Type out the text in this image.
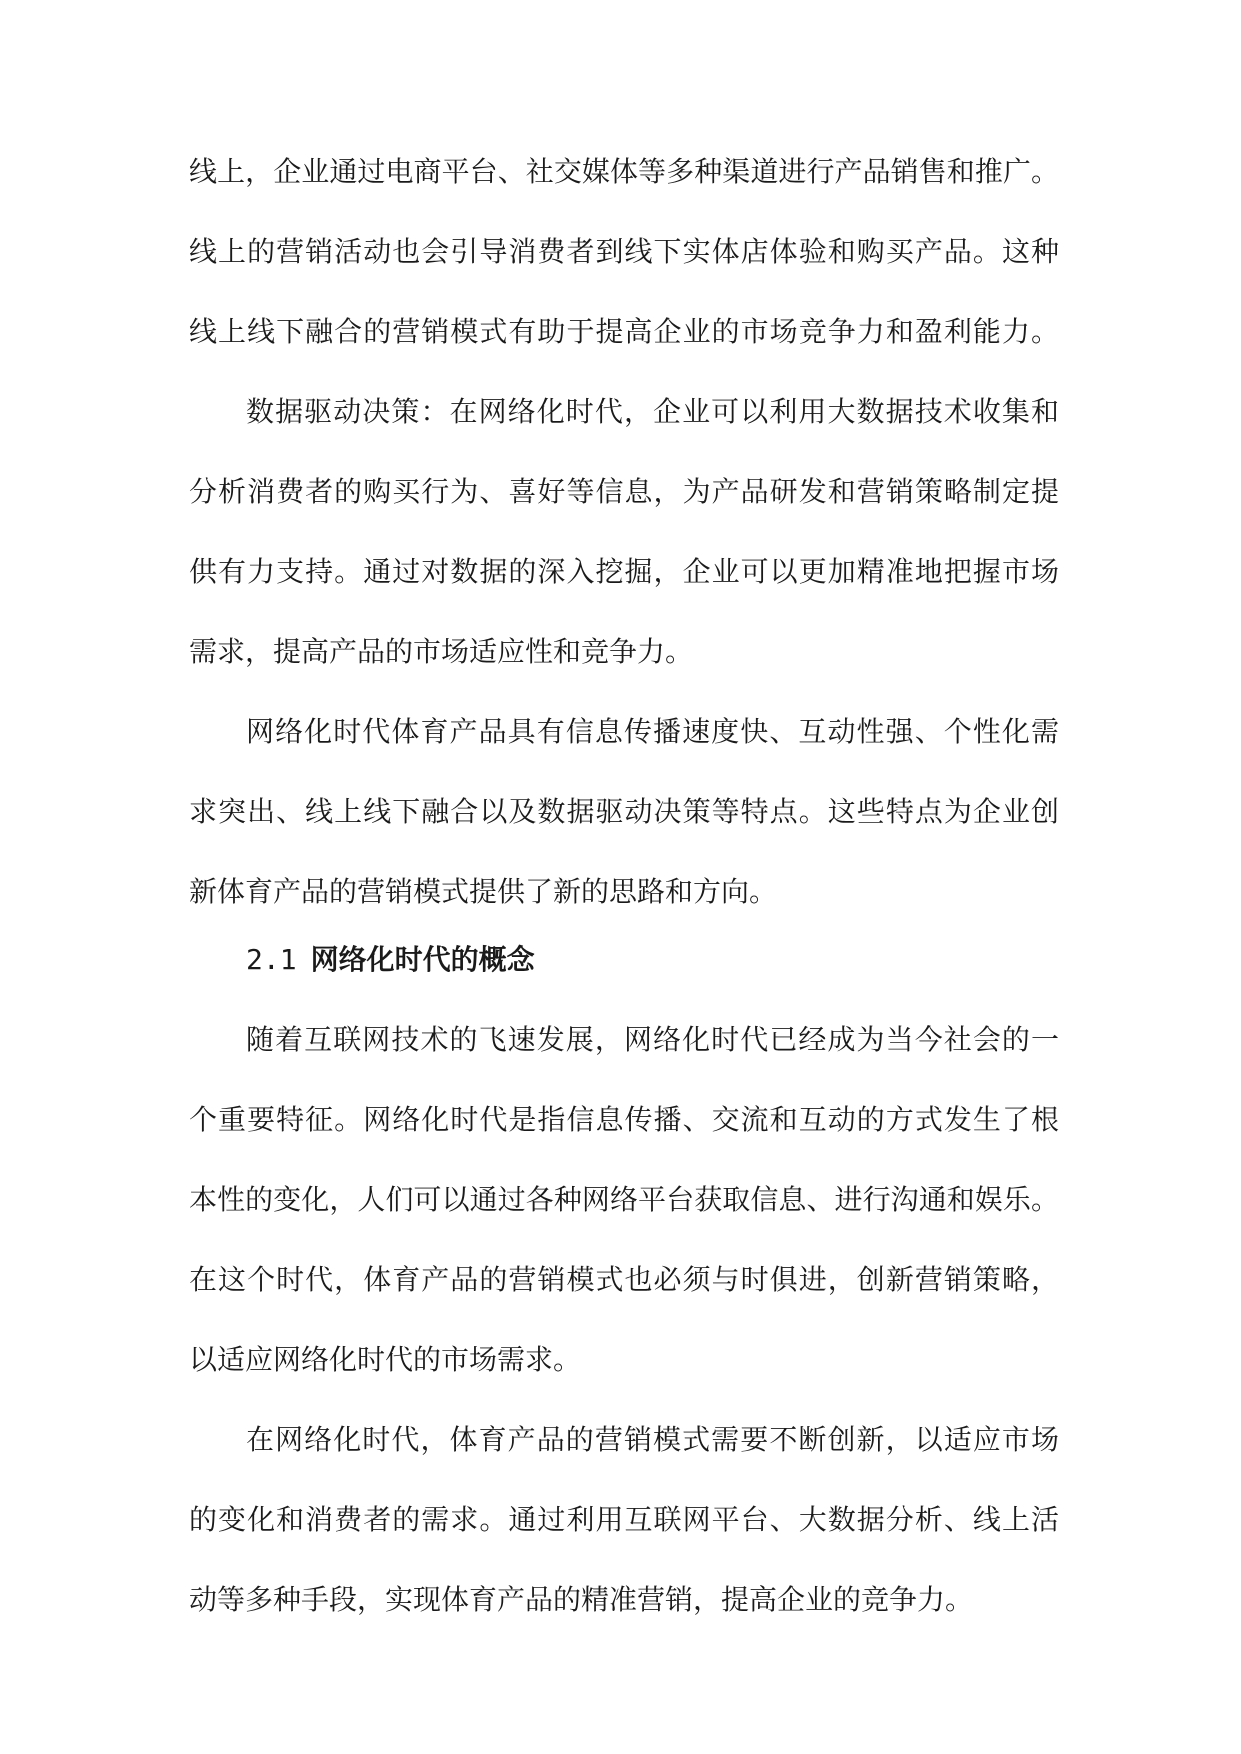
线上，企业通过电商平台、社交媒体等多种渠道进行产品销售和推广。
线上的营销活动也会引导消费者到线下实体店体验和购买产品。这种
线上线下融合的营销模式有助于提高企业的市场竞争力和盈利能力。
数据驱动决策：在网络化时代，企业可以利用大数据技术收集和
分析消费者的购买行为、喜好等信息，为产品研发和营销策略制定提
供有力支持。通过对数据的深入挖掘，企业可以更加精准地把握市场
需求，提高产品的市场适应性和竞争力。
网络化时代体育产品具有信息传播速度快、互动性强、个性化需
求突出、线上线下融合以及数据驱动决策等特点。这些特点为企业创
新体育产品的营销模式提供了新的思路和方向。
2.1 网络化时代的概念
随着互联网技术的飞速发展，网络化时代已经成为当今社会的一
个重要特征。网络化时代是指信息传播、交流和互动的方式发生了根
本性的变化，人们可以通过各种网络平台获取信息、进行沟通和娱乐。
在这个时代，体育产品的营销模式也必须与时俱进，创新营销策略，
以适应网络化时代的市场需求。
在网络化时代，体育产品的营销模式需要不断创新，以适应市场
的变化和消费者的需求。通过利用互联网平台、大数据分析、线上活
动等多种手段，实现体育产品的精准营销，提高企业的竞争力。
